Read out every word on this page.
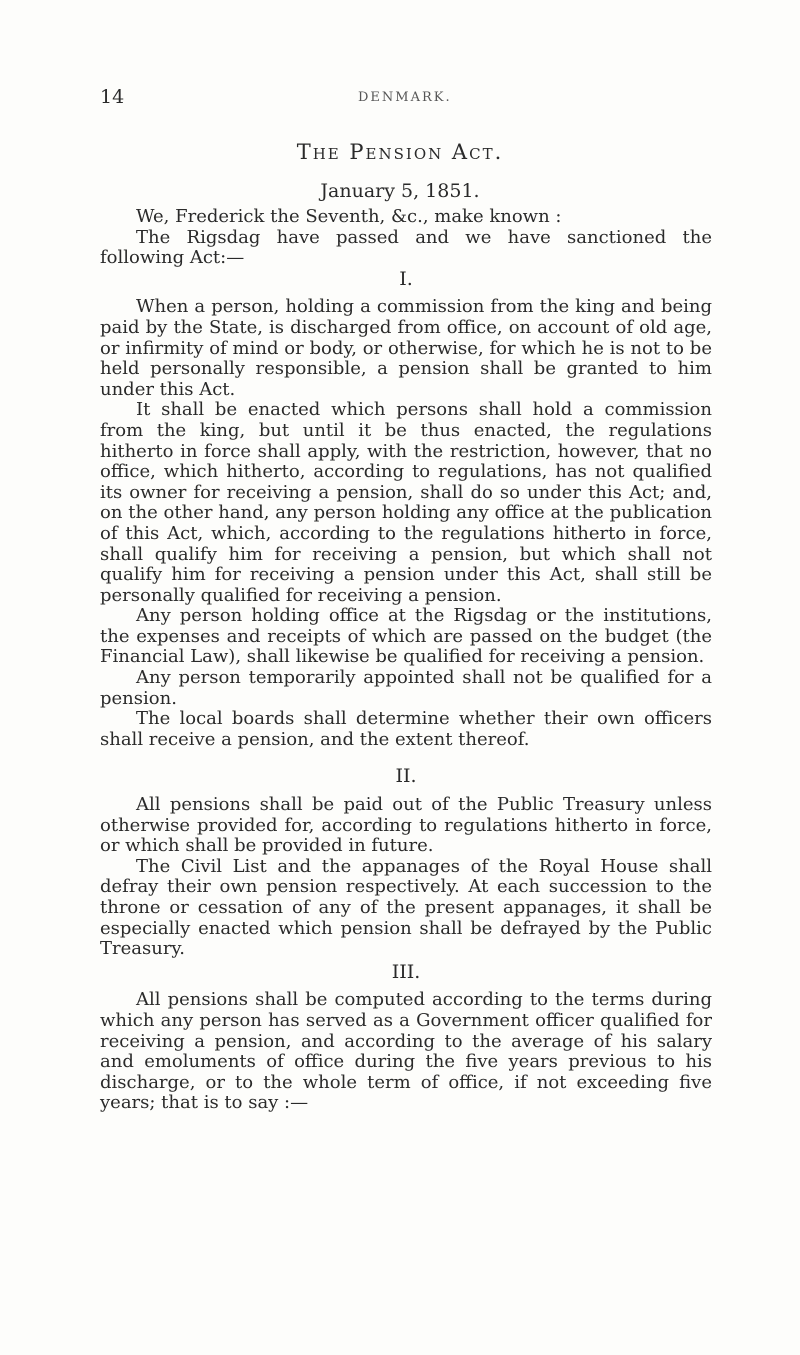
14	DENMARK.
The Pension Act.
January 5, 1851.

We, Frederick the Seventh, &c., make known :

The Rigsdag have passed and we have sanctioned the following Act:—

I.

When a person, holding a commission from the king and being paid by the State, is discharged from office, on account of old age, or infirmity of mind or body, or otherwise, for which he is not to be held personally responsible, a pension shall be granted to him under this Act.

It shall be enacted which persons shall hold a commission from the king, but until it be thus enacted, the regulations hitherto in force shall apply, with the restriction, however, that no office, which hitherto, according to regulations, has not qualified its owner for receiving a pension, shall do so under this Act; and, on the other hand, any person holding any office at the publication of this Act, which, according to the regulations hitherto in force, shall qualify him for receiving a pension, but which shall not qualify him for receiving a pension under this Act, shall still be personally qualified for receiving a pension.

Any person holding office at the Rigsdag or the institutions, the expenses and receipts of which are passed on the budget (the Financial Law), shall likewise be qualified for receiving a pension.

Any person temporarily appointed shall not be qualified for a pension.

The local boards shall determine whether their own officers shall receive a pension, and the extent thereof.

II.

All pensions shall be paid out of the Public Treasury unless otherwise provided for, according to regulations hitherto in force, or which shall be provided in future.

The Civil List and the appanages of the Royal House shall defray their own pension respectively. At each succession to the throne or cessation of any of the present appanages, it shall be especially enacted which pension shall be defrayed by the Public Treasury.

III.

All pensions shall be computed according to the terms during which any person has served as a Government officer qualified for receiving a pension, and according to the average of his salary and emoluments of office during the five years previous to his discharge, or to the whole term of office, if not exceeding five years; that is to say :—
